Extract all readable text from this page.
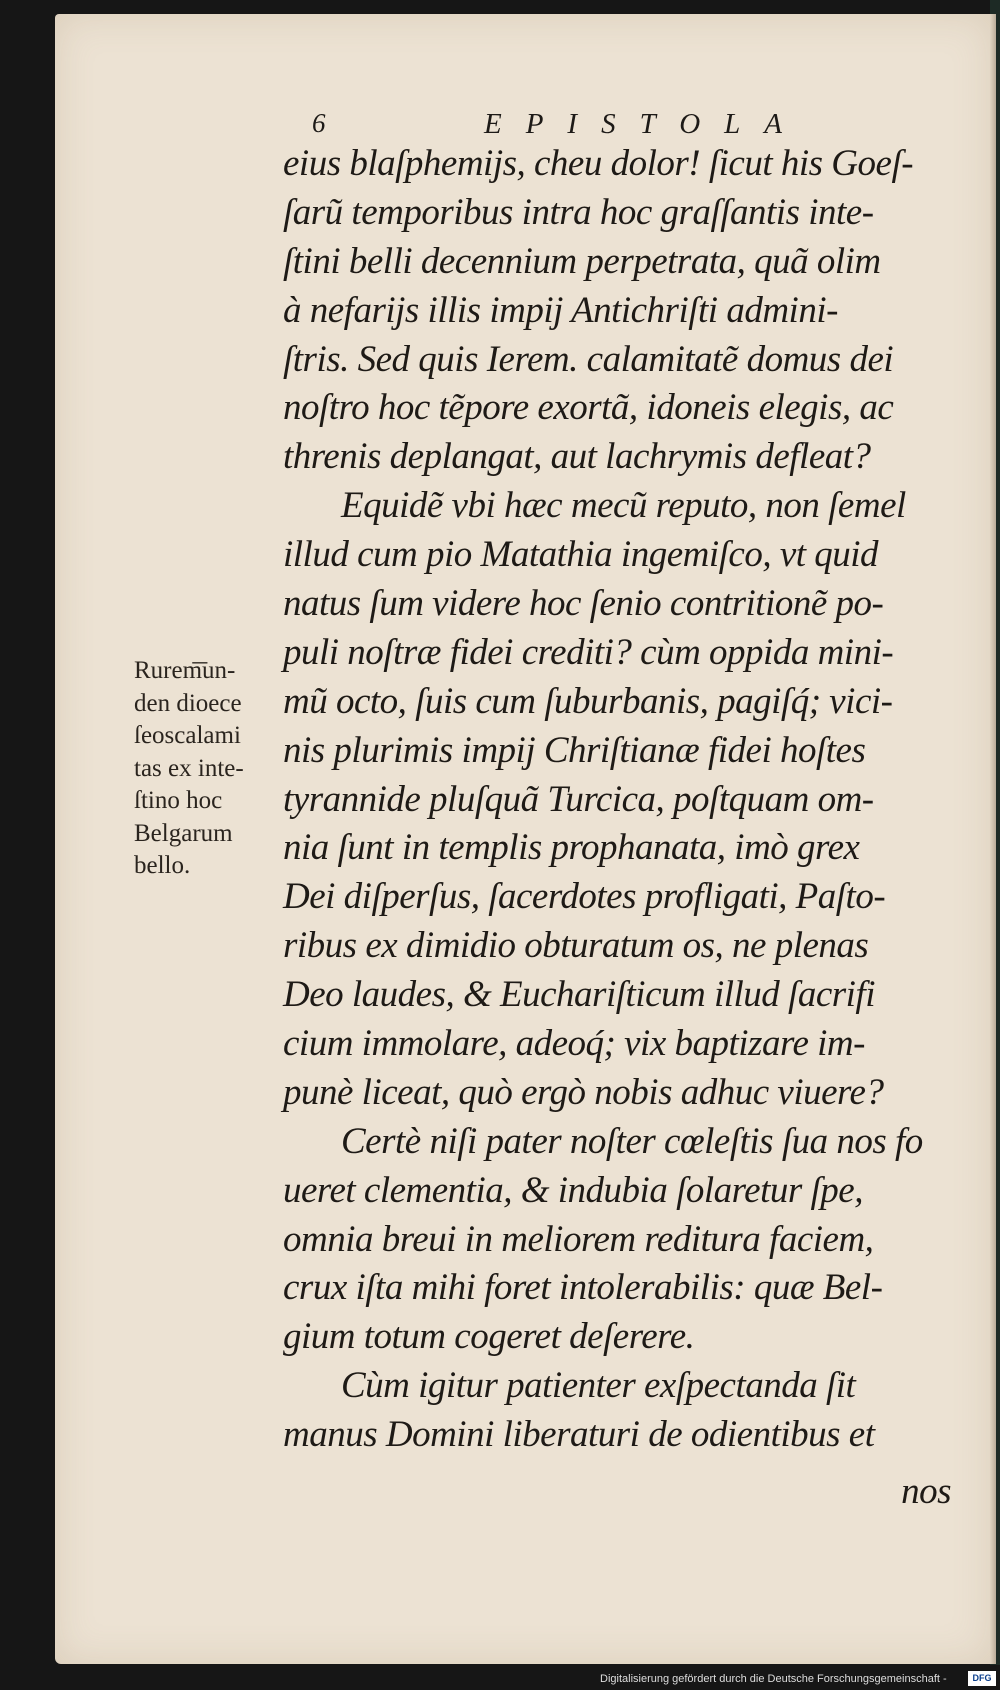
6	EPISTOLA
Rurem͞un-
den dioece
ſeoscalami
tas ex inte-
ſtino hoc
Belgarum
bello.
eius blaſphemijs, cheu dolor! ſicut his Goeſ-
ſarũ temporibus intra hoc graſſantis inte-
ſtini belli decennium perpetrata, quã olim
à nefarijs illis impij Antichriſti admini-
ſtris. Sed quis Ierem. calamitatẽ domus dei
noſtro hoc tẽpore exortã, idoneis elegis, ac
threnis deplangat, aut lachrymis defleat?
Equidẽ vbi hæc mecũ reputo, non ſemel
illud cum pio Matathia ingemiſco, vt quid
natus ſum videre hoc ſenio contritionẽ po-
puli noſtræ fidei crediti? cùm oppida mini-
mũ octo, ſuis cum ſuburbanis, pagiſq́; vici-
nis plurimis impij Chriſtianæ fidei hoſtes
tyrannide pluſquã Turcica, poſtquam om-
nia ſunt in templis prophanata, imò grex
Dei diſperſus, ſacerdotes profligati, Paſto-
ribus ex dimidio obturatum os, ne plenas
Deo laudes, & Euchariſticum illud ſacrifi
cium immolare, adeoq́; vix baptizare im-
punè liceat, quò ergò nobis adhuc viuere?
Certè niſi pater noſter cœleſtis ſua nos fo
ueret clementia, & indubia ſolaretur ſpe,
omnia breui in meliorem reditura faciem,
crux iſta mihi foret intolerabilis: quæ Bel-
gium totum cogeret deſerere.
Cùm igitur patienter exſpectanda ſit
manus Domini liberaturi de odientibus et
nos
Digitalisierung gefördert durch die Deutsche Forschungsgemeinschaft -	DFG
